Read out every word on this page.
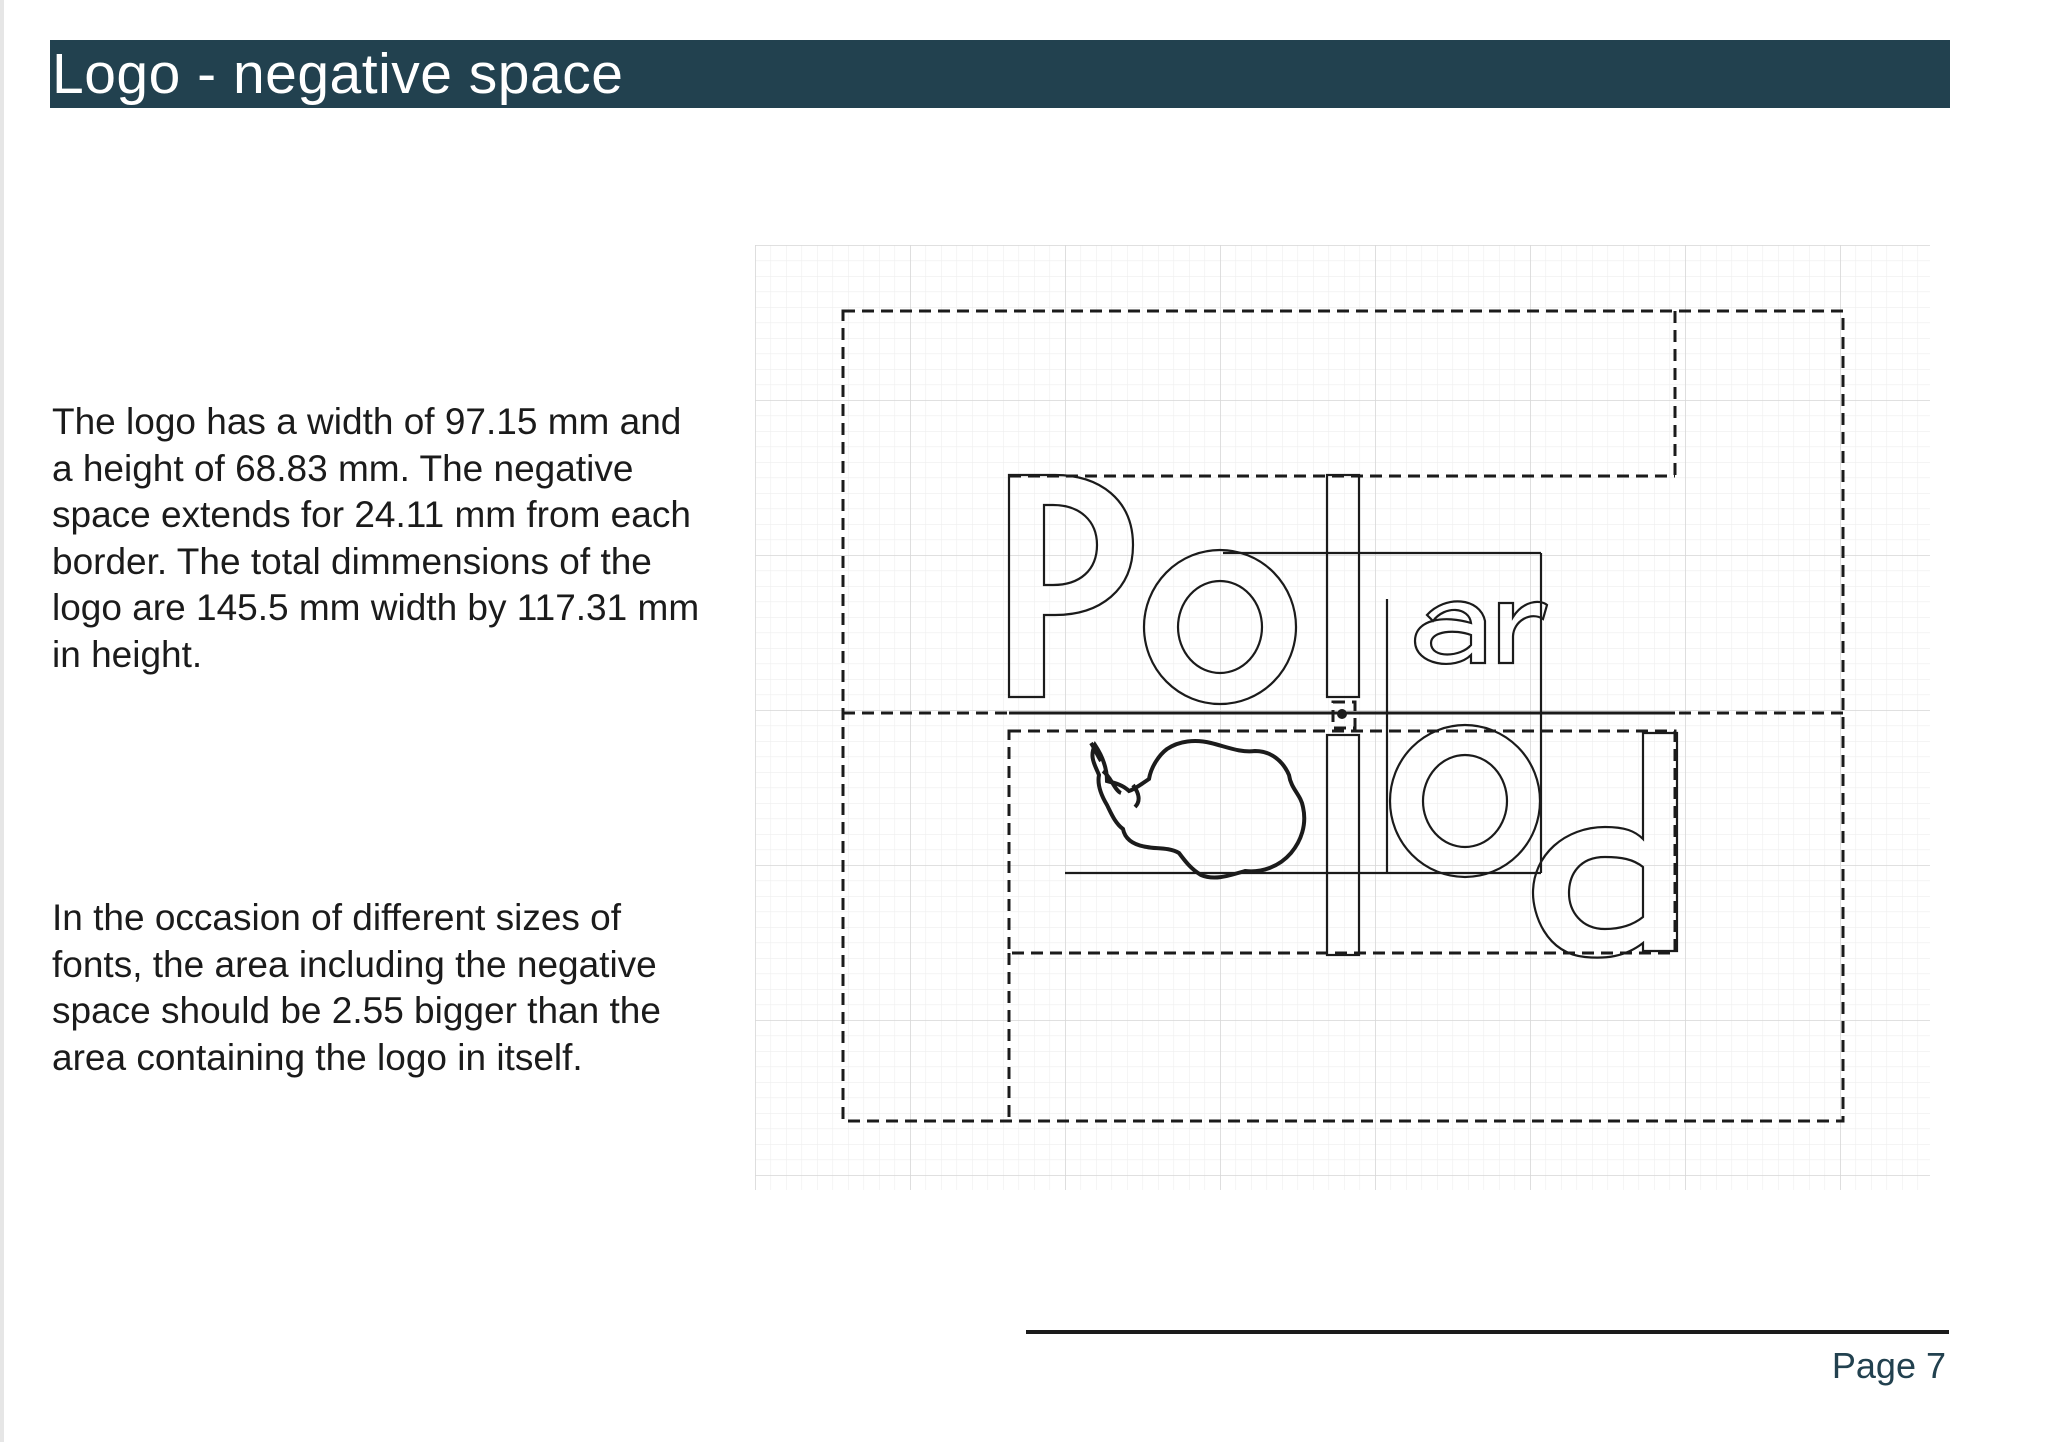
Logo - negative space

The logo has a width of 97.15 mm and a height of 68.83 mm. The negative space extends for 24.11 mm from each border. The total dimmensions of the logo are 145.5 mm width by 117.31 mm in height.

In the occasion of different sizes of fonts, the area including the negative space should be 2.55 bigger than the area containing the logo in itself.

Page 7
